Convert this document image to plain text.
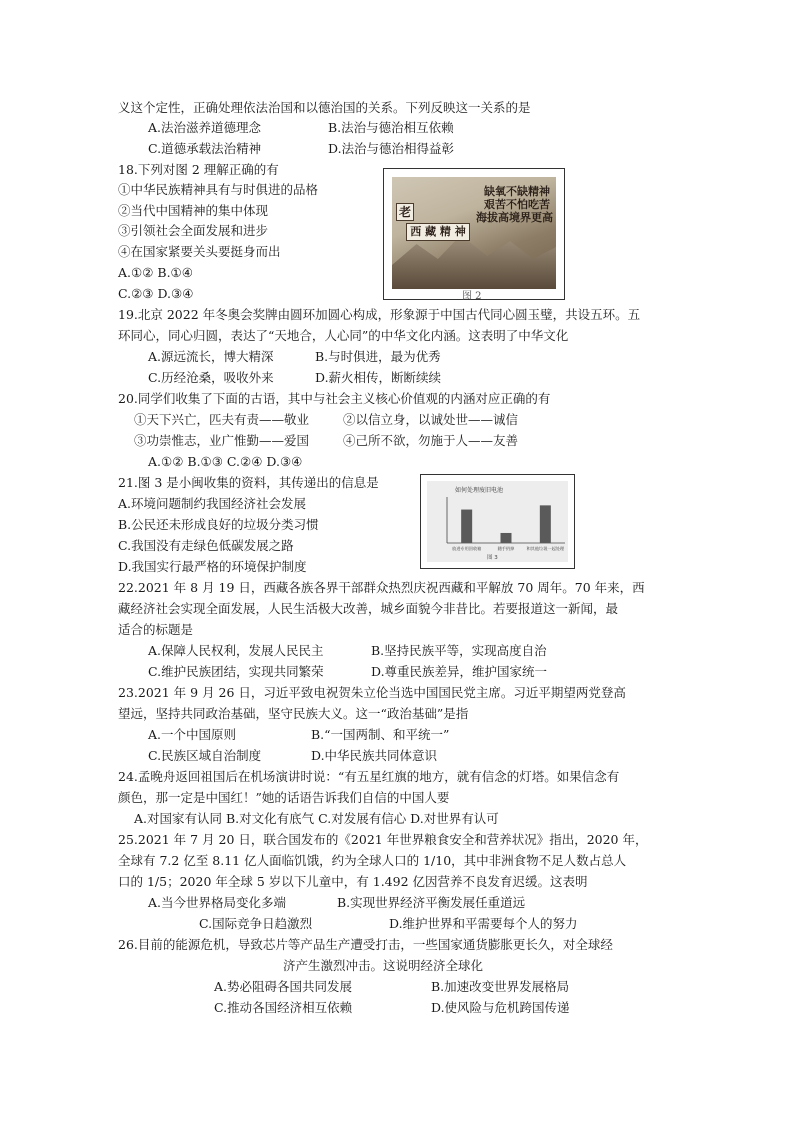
义这个定性，正确处理依法治国和以德治国的关系。下列反映这一关系的是
A.法治滋养道德理念	B.法治与德治相互依赖
C.道德承载法治精神	D.法治与德治相得益彰
18.下列对图 2 理解正确的有
①中华民族精神具有与时俱进的品格
②当代中国精神的集中体现
③引领社会全面发展和进步
④在国家紧要关头要挺身而出
A.①② B.①④
C.②③ D.③④
老
西 藏 精 神
缺氧不缺精神
艰苦不怕吃苦
海拔高境界更高
图 2
19.北京 2022 年冬奥会奖牌由圆环加圆心构成，形象源于中国古代同心圆玉璧，共设五环。五
环同心，同心归圆，表达了“天地合，人心同”的中华文化内涵。这表明了中华文化
A.源远流长，博大精深	B.与时俱进，最为优秀
C.历经沧桑，吸收外来	D.薪火相传，断断续续
20.同学们收集了下面的古语，其中与社会主义核心价值观的内涵对应正确的有
①天下兴亡，匹夫有责——敬业	②以信立身，以诚处世——诚信
③功崇惟志，业广惟勤——爱国	④己所不欲，勿施于人——友善
A.①② B.①③ C.②④ D.③④
21.图 3 是小闽收集的资料，其传递出的信息是
A.环境问题制约我国经济社会发展
B.公民还未形成良好的垃圾分类习惯
C.我国没有走绿色低碳发展之路
D.我国实行最严格的环境保护制度
如何处理废旧电池
放进专用回收箱	随手扔掉	和其他垃圾一起处理
图 3
22.2021 年 8 月 19 日，西藏各族各界干部群众热烈庆祝西藏和平解放 70 周年。70 年来，西
藏经济社会实现全面发展，人民生活极大改善，城乡面貌今非昔比。若要报道这一新闻，最
适合的标题是
A.保障人民权利，发展人民民主	B.坚持民族平等，实现高度自治
C.维护民族团结，实现共同繁荣	D.尊重民族差异，维护国家统一
23.2021 年 9 月 26 日，习近平致电祝贺朱立伦当选中国国民党主席。习近平期望两党登高
望远，坚持共同政治基础，坚守民族大义。这一“政治基础”是指
A.一个中国原则	B.“一国两制、和平统一”
C.民族区域自治制度	D.中华民族共同体意识
24.孟晚舟返回祖国后在机场演讲时说：“有五星红旗的地方，就有信念的灯塔。如果信念有
颜色，那一定是中国红！”她的话语告诉我们自信的中国人要
A.对国家有认同 B.对文化有底气 C.对发展有信心 D.对世界有认可
25.2021 年 7 月 20 日，联合国发布的《2021 年世界粮食安全和营养状况》指出，2020 年，
全球有 7.2 亿至 8.11 亿人面临饥饿，约为全球人口的 1/10，其中非洲食物不足人数占总人
口的 1/5；2020 年全球 5 岁以下儿童中，有 1.492 亿因营养不良发育迟缓。这表明
A.当今世界格局变化多端	B.实现世界经济平衡发展任重道远
C.国际竞争日趋激烈	D.维护世界和平需要每个人的努力
26.目前的能源危机，导致芯片等产品生产遭受打击，一些国家通货膨胀更长久，对全球经
济产生激烈冲击。这说明经济全球化
A.势必阻碍各国共同发展	B.加速改变世界发展格局
C.推动各国经济相互依赖	D.使风险与危机跨国传递
